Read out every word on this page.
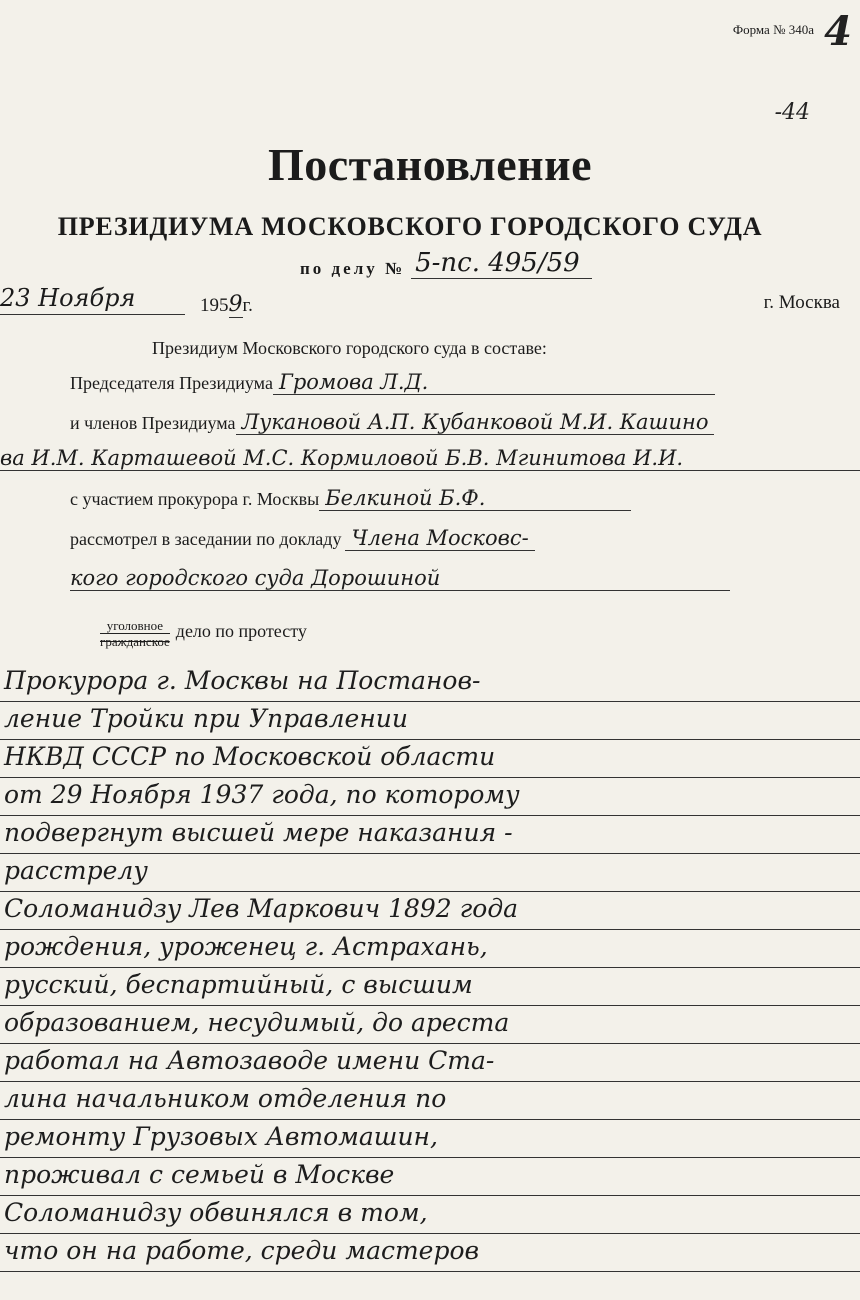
Форма № 340а 4
-44
Постановление
ПРЕЗИДИУМА МОСКОВСКОГО ГОРОДСКОГО СУДА
по делу № 5-пс. 495/59
23 Ноября	1959г.	г. Москва
Президиум Московского городского суда в составе:
Председателя Президиума Громова Л.Д.
и членов Президиума Лукановой А.П. Кубанковой М.И. Кашино
ва И.М. Карташевой М.С. Кормиловой Б.В. Мгинитова И.И.
с участием прокурора г. Москвы Белкиной Б.Ф.
рассмотрел в заседании по докладу Члена Московс-
кого городского суда Дорошиной
уголовное
гражданское
дело по протесту
Прокурора г. Москвы на Постанов-
ление Тройки при Управлении
НКВД СССР по Московской области
от 29 Ноября 1937 года, по которому
подвергнут высшей мере наказания -
расстрелу
Соломанидзу Лев Маркович 1892 года
рождения, уроженец г. Астрахань,
русский, беспартийный, с высшим
образованием, несудимый, до ареста
работал на Автозаводе имени Ста-
лина начальником отделения по
ремонту Грузовых Автомашин,
проживал с семьей в Москве
Соломанидзу обвинялся в том,
что он на работе, среди мастеров
